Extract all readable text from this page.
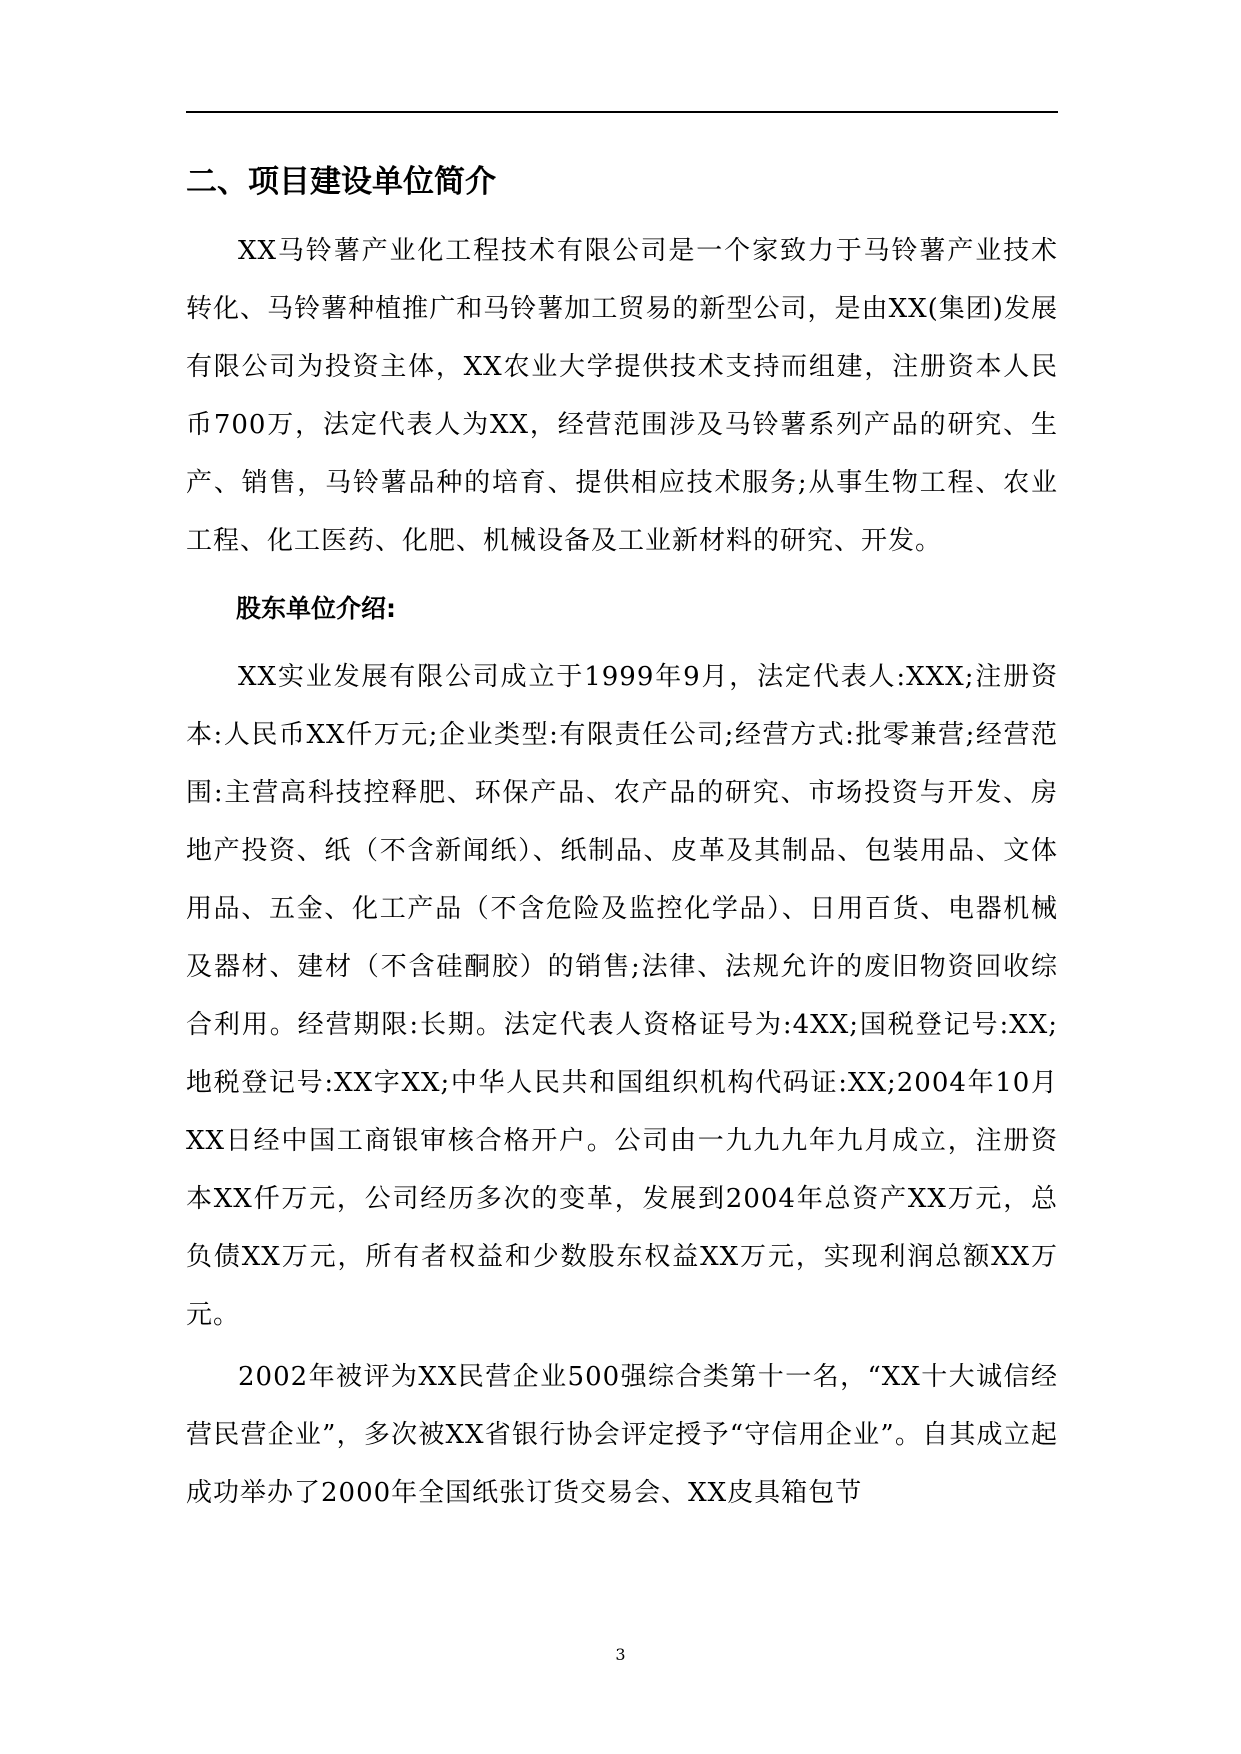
二、项目建设单位简介

XX马铃薯产业化工程技术有限公司是一个家致力于马铃薯产业技术转化、马铃薯种植推广和马铃薯加工贸易的新型公司，是由XX(集团)发展有限公司为投资主体，XX农业大学提供技术支持而组建，注册资本人民币700万，法定代表人为XX，经营范围涉及马铃薯系列产品的研究、生产、销售，马铃薯品种的培育、提供相应技术服务;从事生物工程、农业工程、化工医药、化肥、机械设备及工业新材料的研究、开发。

股东单位介绍:

XX实业发展有限公司成立于1999年9月，法定代表人:XXX;注册资本:人民币XX仟万元;企业类型:有限责任公司;经营方式:批零兼营;经营范围:主营高科技控释肥、环保产品、农产品的研究、市场投资与开发、房地产投资、纸（不含新闻纸）、纸制品、皮革及其制品、包装用品、文体用品、五金、化工产品（不含危险及监控化学品）、日用百货、电器机械及器材、建材（不含硅酮胶）的销售;法律、法规允许的废旧物资回收综合利用。经营期限:长期。法定代表人资格证号为:4XX;国税登记号:XX;地税登记号:XX字XX;中华人民共和国组织机构代码证:XX;2004年10月XX日经中国工商银审核合格开户。公司由一九九九年九月成立，注册资本XX仟万元，公司经历多次的变革，发展到2004年总资产XX万元，总负债XX万元，所有者权益和少数股东权益XX万元，实现利润总额XX万元。

2002年被评为XX民营企业500强综合类第十一名，“XX十大诚信经营民营企业”，多次被XX省银行协会评定授予“守信用企业”。自其成立起成功举办了2000年全国纸张订货交易会、XX皮具箱包节

3
